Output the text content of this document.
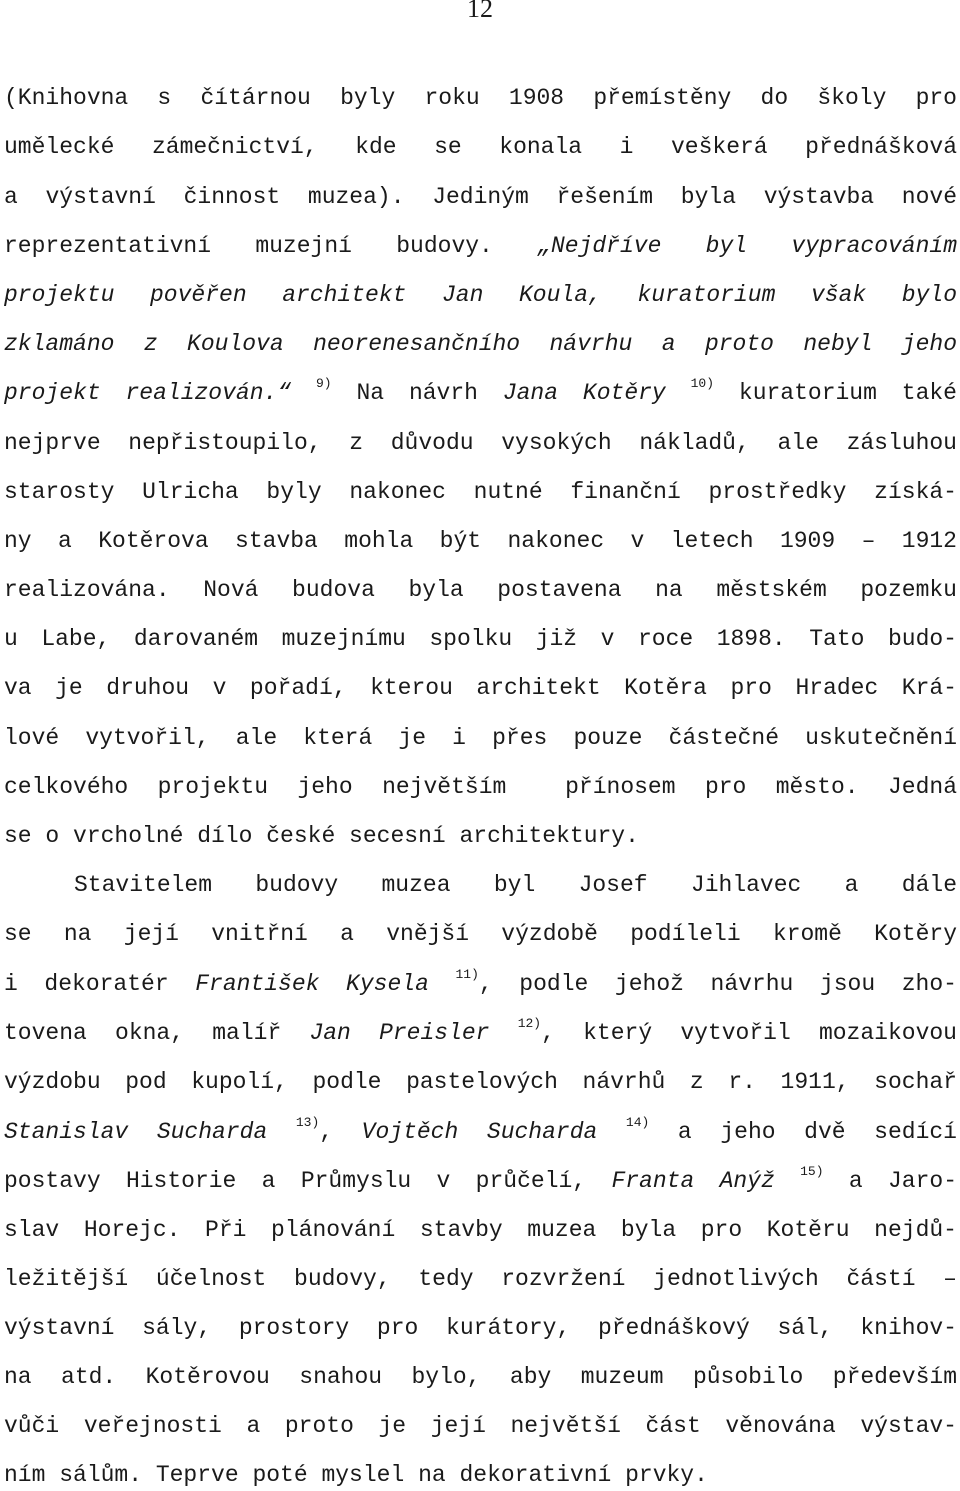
12
(Knihovna s čítárnou byly roku 1908 přemístěny do školy pro
umělecké zámečnictví, kde se konala i veškerá přednášková
a výstavní činnost muzea). Jediným řešením byla výstavba nové
reprezentativní muzejní budovy. „Nejdříve byl vypracováním
projektu pověřen architekt Jan Koula, kuratorium však bylo
zklamáno z Koulova neorenesančního návrhu a proto nebyl jeho
projekt realizován.“ $^{9)}$ Na návrh Jana Kotěry $^{10)}$ kuratorium také
nejprve nepřistoupilo, z důvodu vysokých nákladů, ale zásluhou
starosty Ulricha byly nakonec nutné finanční prostředky získá-
ny a Kotěrova stavba mohla být nakonec v letech 1909 – 1912
realizována. Nová budova byla postavena na městském pozemku
u Labe, darovaném muzejnímu spolku již v roce 1898. Tato budo-
va je druhou v pořadí, kterou architekt Kotěra pro Hradec Krá-
lové vytvořil, ale která je i přes pouze částečné uskutečnění
celkového projektu jeho největším  přínosem pro město. Jedná
se o vrcholné dílo české secesní architektury.
Stavitelem budovy muzea byl Josef Jihlavec a dále
se na její vnitřní a vnější výzdobě podíleli kromě Kotěry
i dekoratér František Kysela $^{11)}$, podle jehož návrhu jsou zho-
tovena okna, malíř Jan Preisler $^{12)}$, který vytvořil mozaikovou
výzdobu pod kupolí, podle pastelových návrhů z r. 1911, sochař
Stanislav Sucharda $^{13)}$, Vojtěch Sucharda $^{14)}$ a jeho dvě sedící
postavy Historie a Průmyslu v průčelí, Franta Anýž $^{15)}$ a Jaro-
slav Horejc. Při plánování stavby muzea byla pro Kotěru nejdů-
ležitější účelnost budovy, tedy rozvržení jednotlivých částí –
výstavní sály, prostory pro kurátory, přednáškový sál, knihov-
na atd. Kotěrovou snahou bylo, aby muzeum působilo především
vůči veřejnosti a proto je její největší část věnována výstav-
ním sálům. Teprve poté myslel na dekorativní prvky.
